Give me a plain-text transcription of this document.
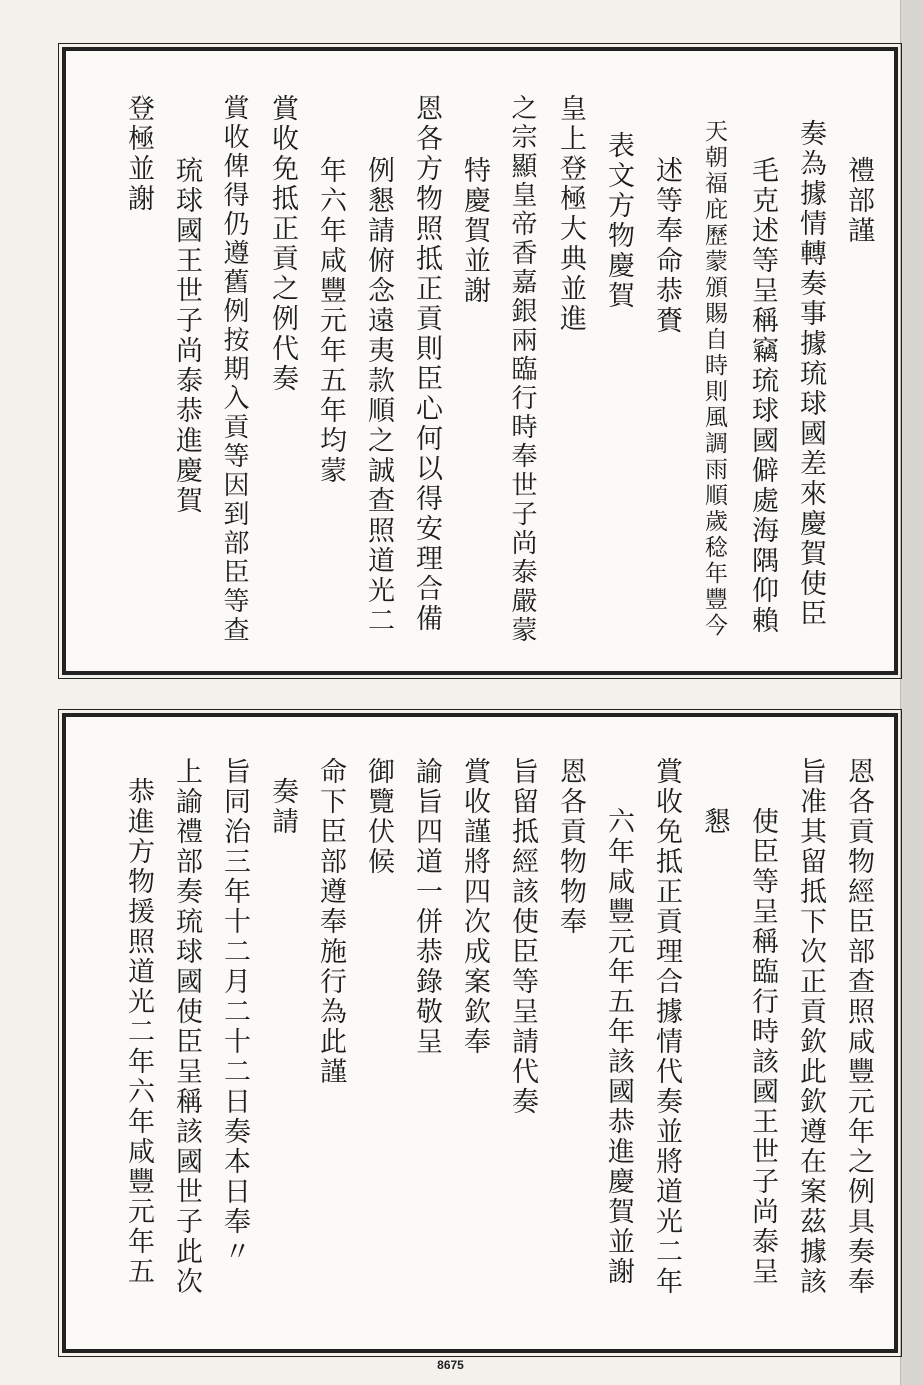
禮部謹
奏為據情轉奏事據琉球國差來慶賀使臣
毛克述等呈稱竊琉球國僻處海隅仰賴
天朝福庇歷蒙頒賜自時則風調雨順歲稔年豐今
述等奉命恭賚
表文方物慶賀
皇上登極大典並進
之宗顯皇帝香嘉銀兩臨行時奉世子尚泰嚴蒙
特慶賀並謝
恩各方物照抵正貢則臣心何以得安理合備
例懇請俯念遠夷款順之誠查照道光二
年六年咸豐元年五年均蒙
賞收免抵正貢之例代奏
賞收俾得仍遵舊例按期入貢等因到部臣等查
琉球國王世子尚泰恭進慶賀
登極並謝
恩各貢物經臣部查照咸豐元年之例具奏奉
旨准其留抵下次正貢欽此欽遵在案茲據該
使臣等呈稱臨行時該國王世子尚泰呈
懇
賞收免抵正貢理合據情代奏並將道光二年
六年咸豐元年五年該國恭進慶賀並謝
恩各貢物物奉
旨留抵經該使臣等呈請代奏
賞收謹將四次成案欽奉
諭旨四道一併恭錄敬呈
御覽伏候
命下臣部遵奉施行為此謹
奏請
旨同治三年十二月二十二日奏本日奉〃
上諭禮部奏琉球國使臣呈稱該國世子此次
恭進方物援照道光二年六年咸豐元年五
8675
